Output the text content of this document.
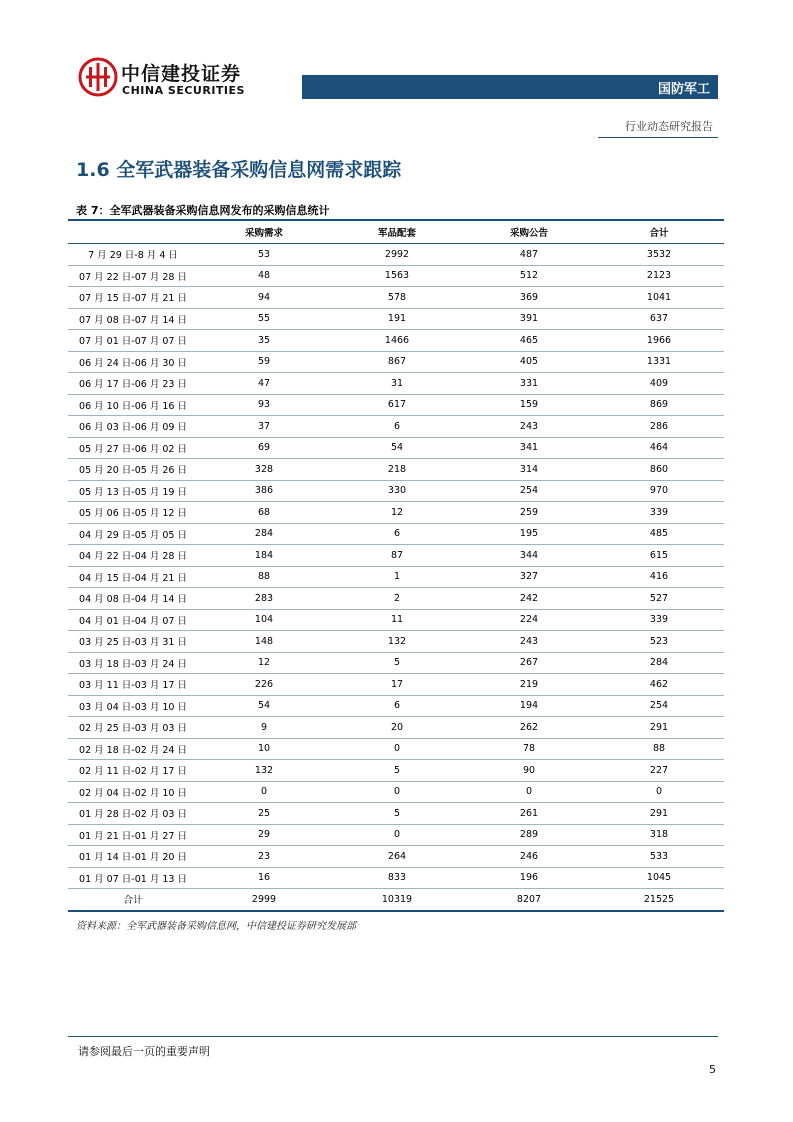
中信建投证券
CHINA SECURITIES	国防军工
行业动态研究报告
1.6 全军武器装备采购信息网需求跟踪
表 7：全军武器装备采购信息网发布的采购信息统计
	采购需求	军品配套	采购公告	合计
7 月 29 日-8 月 4 日	53	2992	487	3532
07 月 22 日-07 月 28 日	48	1563	512	2123
07 月 15 日-07 月 21 日	94	578	369	1041
07 月 08 日-07 月 14 日	55	191	391	637
07 月 01 日-07 月 07 日	35	1466	465	1966
06 月 24 日-06 月 30 日	59	867	405	1331
06 月 17 日-06 月 23 日	47	31	331	409
06 月 10 日-06 月 16 日	93	617	159	869
06 月 03 日-06 月 09 日	37	6	243	286
05 月 27 日-06 月 02 日	69	54	341	464
05 月 20 日-05 月 26 日	328	218	314	860
05 月 13 日-05 月 19 日	386	330	254	970
05 月 06 日-05 月 12 日	68	12	259	339
04 月 29 日-05 月 05 日	284	6	195	485
04 月 22 日-04 月 28 日	184	87	344	615
04 月 15 日-04 月 21 日	88	1	327	416
04 月 08 日-04 月 14 日	283	2	242	527
04 月 01 日-04 月 07 日	104	11	224	339
03 月 25 日-03 月 31 日	148	132	243	523
03 月 18 日-03 月 24 日	12	5	267	284
03 月 11 日-03 月 17 日	226	17	219	462
03 月 04 日-03 月 10 日	54	6	194	254
02 月 25 日-03 月 03 日	9	20	262	291
02 月 18 日-02 月 24 日	10	0	78	88
02 月 11 日-02 月 17 日	132	5	90	227
02 月 04 日-02 月 10 日	0	0	0	0
01 月 28 日-02 月 03 日	25	5	261	291
01 月 21 日-01 月 27 日	29	0	289	318
01 月 14 日-01 月 20 日	23	264	246	533
01 月 07 日-01 月 13 日	16	833	196	1045
合计	2999	10319	8207	21525
资料来源：全军武器装备采购信息网，中信建投证券研究发展部
请参阅最后一页的重要声明
5
